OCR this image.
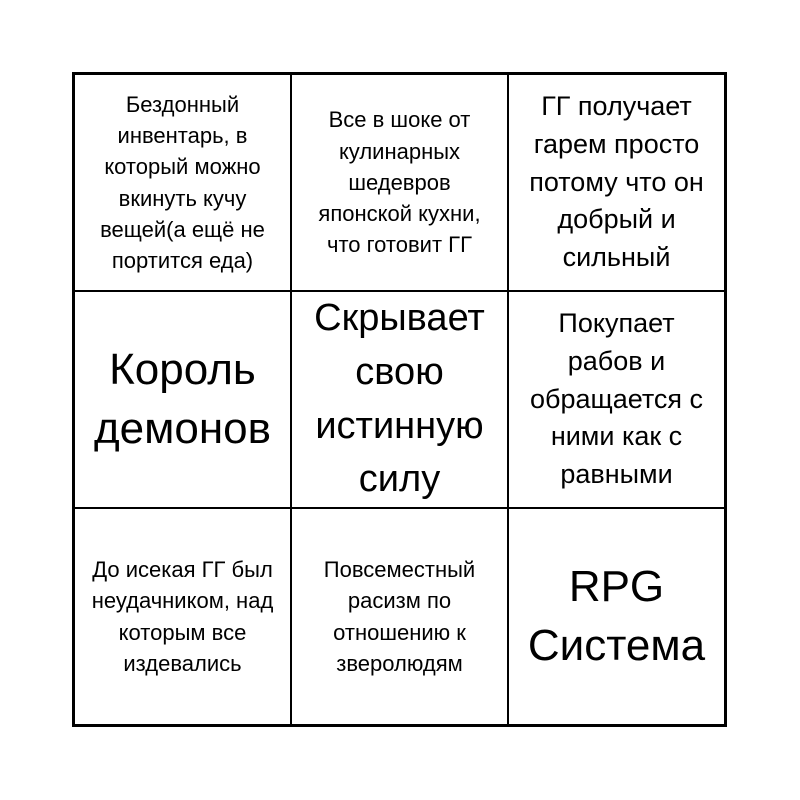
Бездонный инвентарь, в который можно вкинуть кучу вещей(а ещё не портится еда)
Все в шоке от кулинарных шедевров японской кухни, что готовит ГГ
ГГ получает гарем просто потому что он добрый и сильный
Король демонов
Скрывает свою истинную силу
Покупает рабов и обращается с ними как с равными
До исекая ГГ был неудачником, над которым все издевались
Повсеместный расизм по отношению к зверолюдям
RPG Система
